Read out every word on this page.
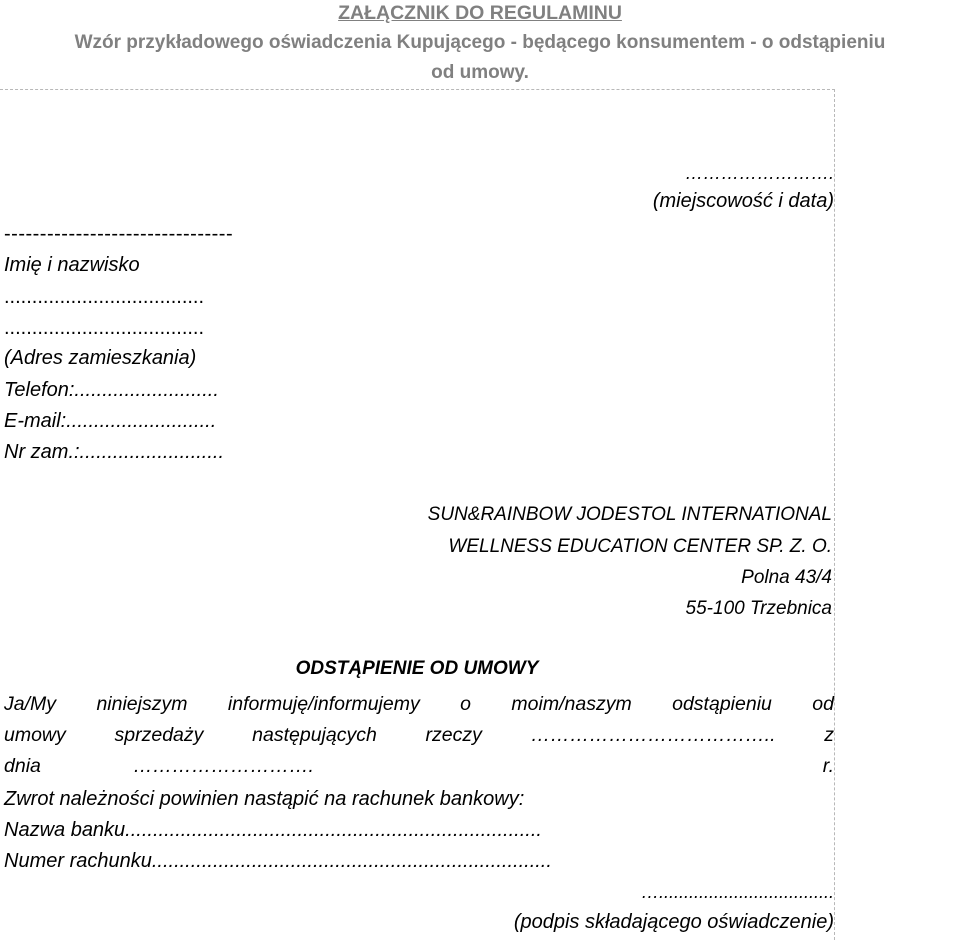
ZAŁĄCZNIK DO REGULAMINU
Wzór przykładowego oświadczenia Kupującego - będącego konsumentem - o odstąpieniu
od umowy.
…………………….
(miejscowość i data)
--------------------------------
Imię i nazwisko
....................................
....................................
(Adres zamieszkania)
Telefon:..........................
E-mail:...........................
Nr zam.:..........................
SUN&RAINBOW JODESTOL INTERNATIONAL
WELLNESS EDUCATION CENTER SP. Z. O.
Polna 43/4
55-100 Trzebnica
ODSTĄPIENIE OD UMOWY
Ja/My niniejszym informuję/informujemy o moim/naszym odstąpieniu od
umowy sprzedaży następujących rzeczy ……………………………….. z
dnia                 ……………………….	r.
Zwrot należności powinien nastąpić na rachunek bankowy:
Nazwa banku...........................................................................
Numer rachunku........................................................................
…...................................
(podpis składającego oświadczenie)
